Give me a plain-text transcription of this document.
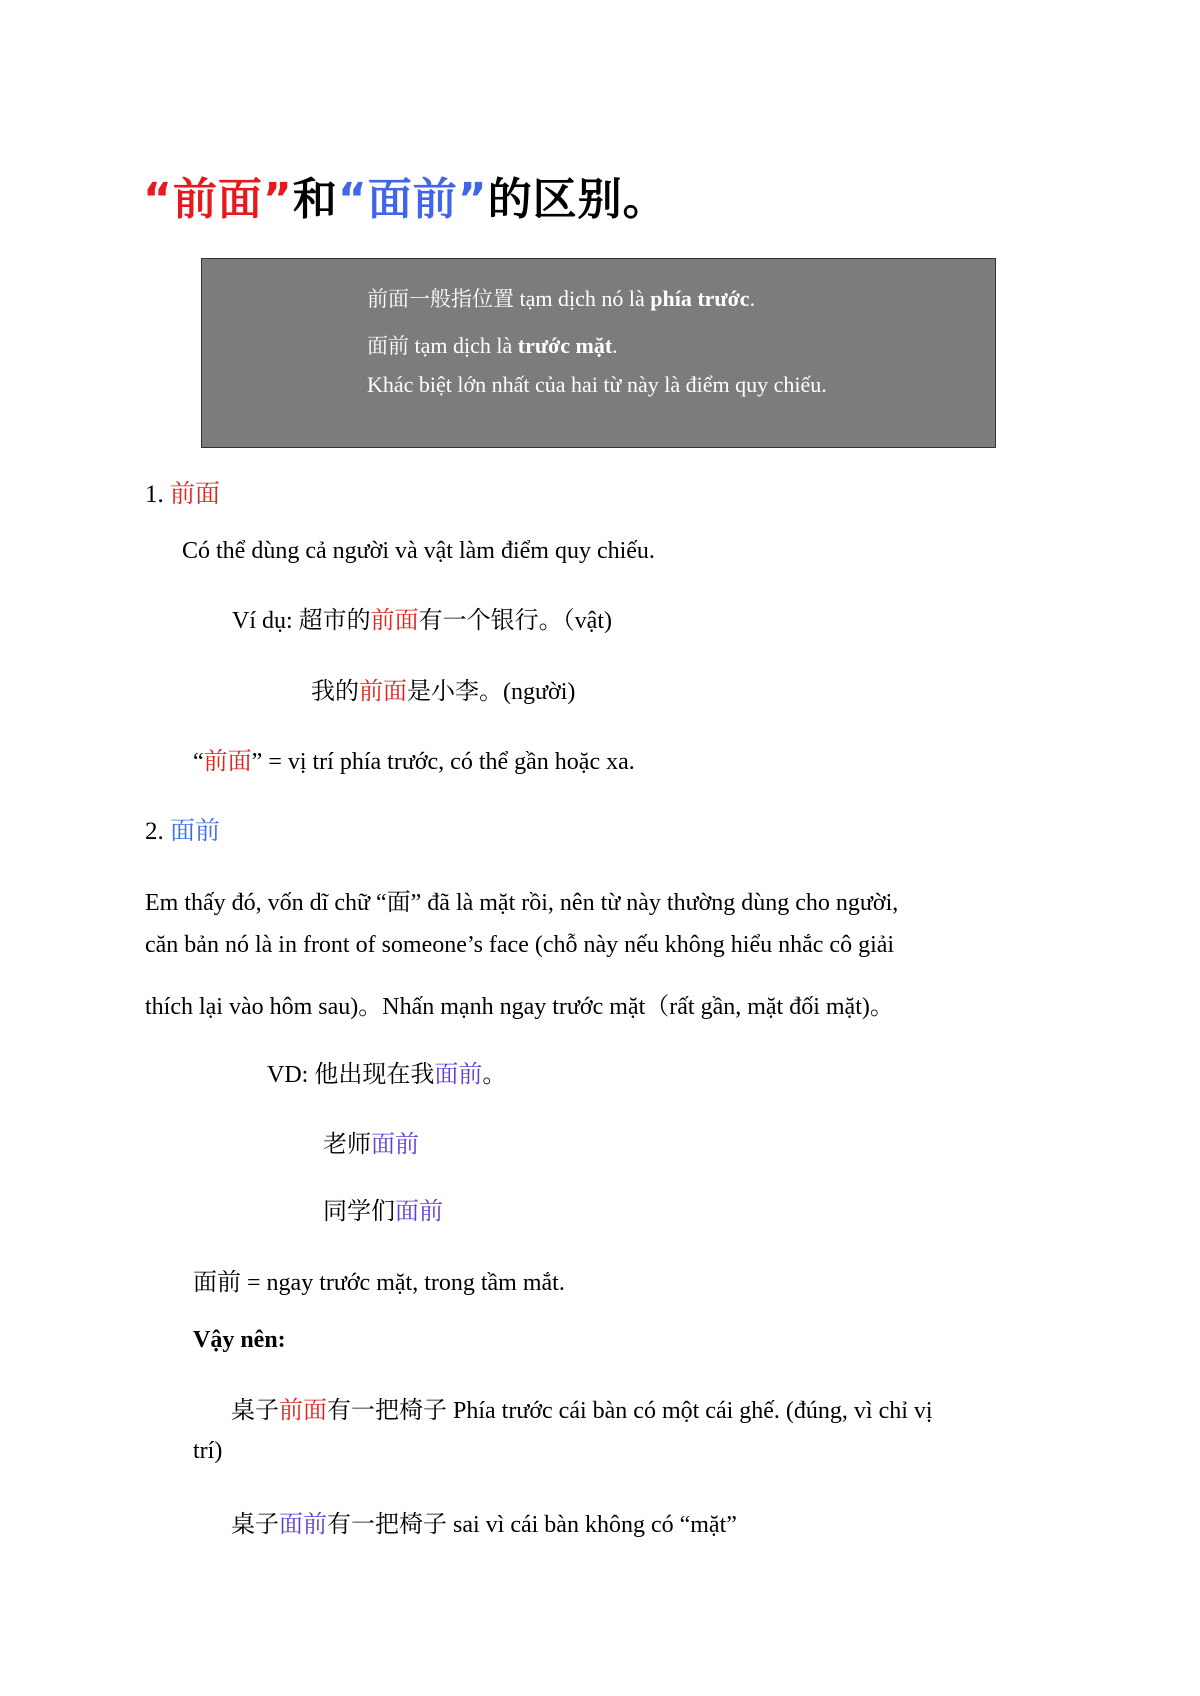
“前面”和“面前”的区别。
前面一般指位置 tạm dịch nó là phía trước.
面前 tạm dịch là trước mặt.
Khác biệt lớn nhất của hai từ này là điểm quy chiếu.
1. 前面
Có thể dùng cả người và vật làm điểm quy chiếu.
Ví dụ: 超市的前面有一个银行。（vật)
我的前面是小李。(người)
“前面” = vị trí phía trước, có thể gần hoặc xa.
2. 面前
Em thấy đó, vốn dĩ chữ “面” đã là mặt rồi, nên từ này thường dùng cho người,
căn bản nó là in front of someone’s face (chỗ này nếu không hiểu nhắc cô giải
thích lại vào hôm sau)。Nhấn mạnh ngay trước mặt（rất gần, mặt đối mặt)。
VD: 他出现在我面前。
老师面前
同学们面前
面前 = ngay trước mặt, trong tầm mắt.
Vậy nên:
桌子前面有一把椅子 Phía trước cái bàn có một cái ghế. (đúng, vì chỉ vị
trí)
桌子面前有一把椅子 sai vì cái bàn không có “mặt”
